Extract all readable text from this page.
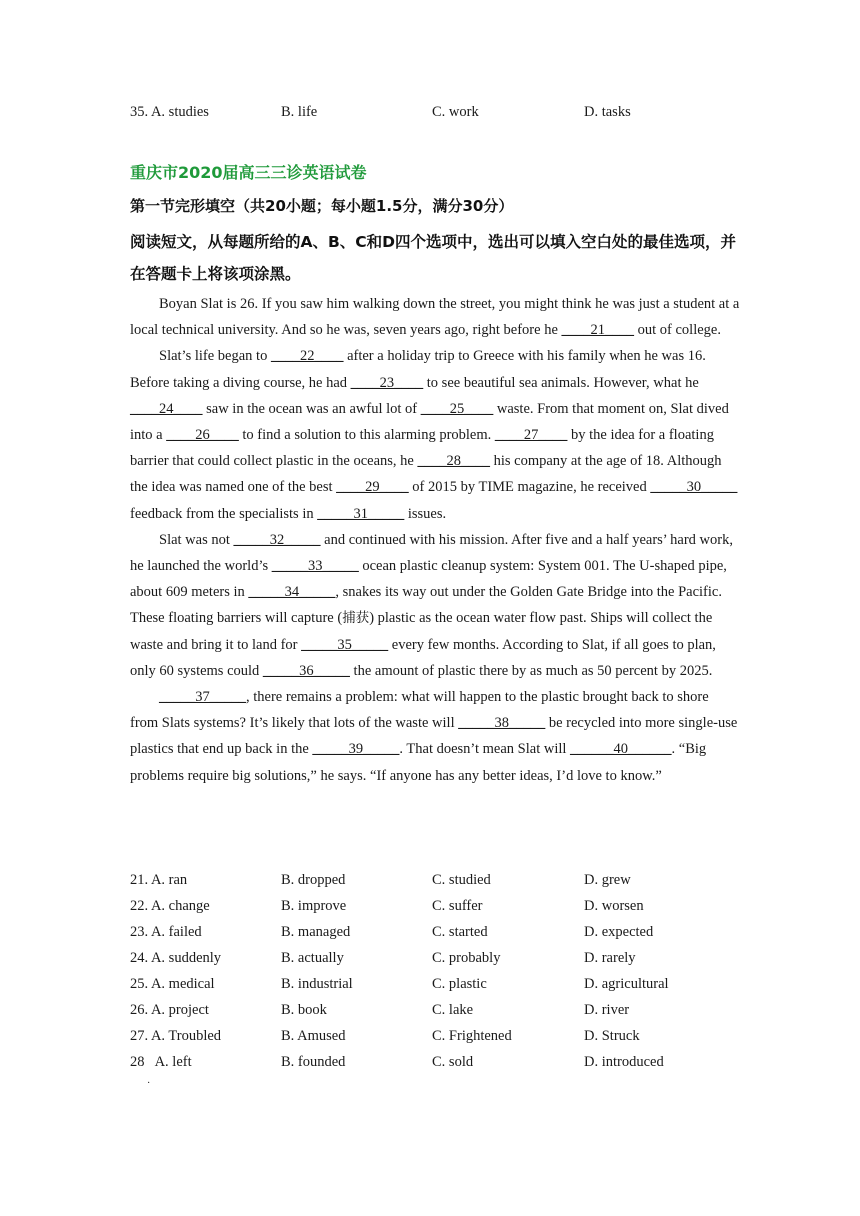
35. A. studies	B. life	C. work	D. tasks
重庆市2020届高三三诊英语试卷

第一节完形填空（共20小题；每小题1.5分，满分30分）

阅读短文，从每题所给的A、B、C和D四个选项中，选出可以填入空白处的最佳选项，并在答题卡上将该项涂黑。

Boyan Slat is 26. If you saw him walking down the street, you might think he was just a student at a local technical university. And so he was, seven years ago, right before he ____21____ out of college.

Slat’s life began to ____22____ after a holiday trip to Greece with his family when he was 16. Before taking a diving course, he had ____23____ to see beautiful sea animals. However, what he ____24____ saw in the ocean was an awful lot of ____25____ waste. From that moment on, Slat dived into a ____26____ to find a solution to this alarming problem. ____27____ by the idea for a floating barrier that could collect plastic in the oceans, he ____28____ his company at the age of 18. Although the idea was named one of the best ____29____ of 2015 by TIME magazine, he received _____30_____ feedback from the specialists in _____31_____ issues.

Slat was not _____32_____ and continued with his mission. After five and a half years’ hard work, he launched the world’s _____33_____ ocean plastic cleanup system: System 001. The U-shaped pipe, about 609 meters in _____34_____, snakes its way out under the Golden Gate Bridge into the Pacific. These floating barriers will capture (捕获) plastic as the ocean water flow past. Ships will collect the waste and bring it to land for _____35_____ every few months. According to Slat, if all goes to plan, only 60 systems could _____36_____ the amount of plastic there by as much as 50 percent by 2025.

_____37_____, there remains a problem: what will happen to the plastic brought back to shore from Slats systems? It’s likely that lots of the waste will _____38_____ be recycled into more single-use plastics that end up back in the _____39_____. That doesn’t mean Slat will ______40______. “Big problems require big solutions,” he says. “If anyone has any better ideas, I’d love to know.”

21. A. ran	B. dropped	C. studied	D. grew
22. A. change	B. improve	C. suffer	D. worsen
23. A. failed	B. managed	C. started	D. expected
24. A. suddenly	B. actually	C. probably	D. rarely
25. A. medical	B. industrial	C. plastic	D. agricultural
26. A. project	B. book	C. lake	D. river
27. A. Troubled	B. Amused	C. Frightened	D. Struck
28   A. left	B. founded	C. sold	D. introduced
·
